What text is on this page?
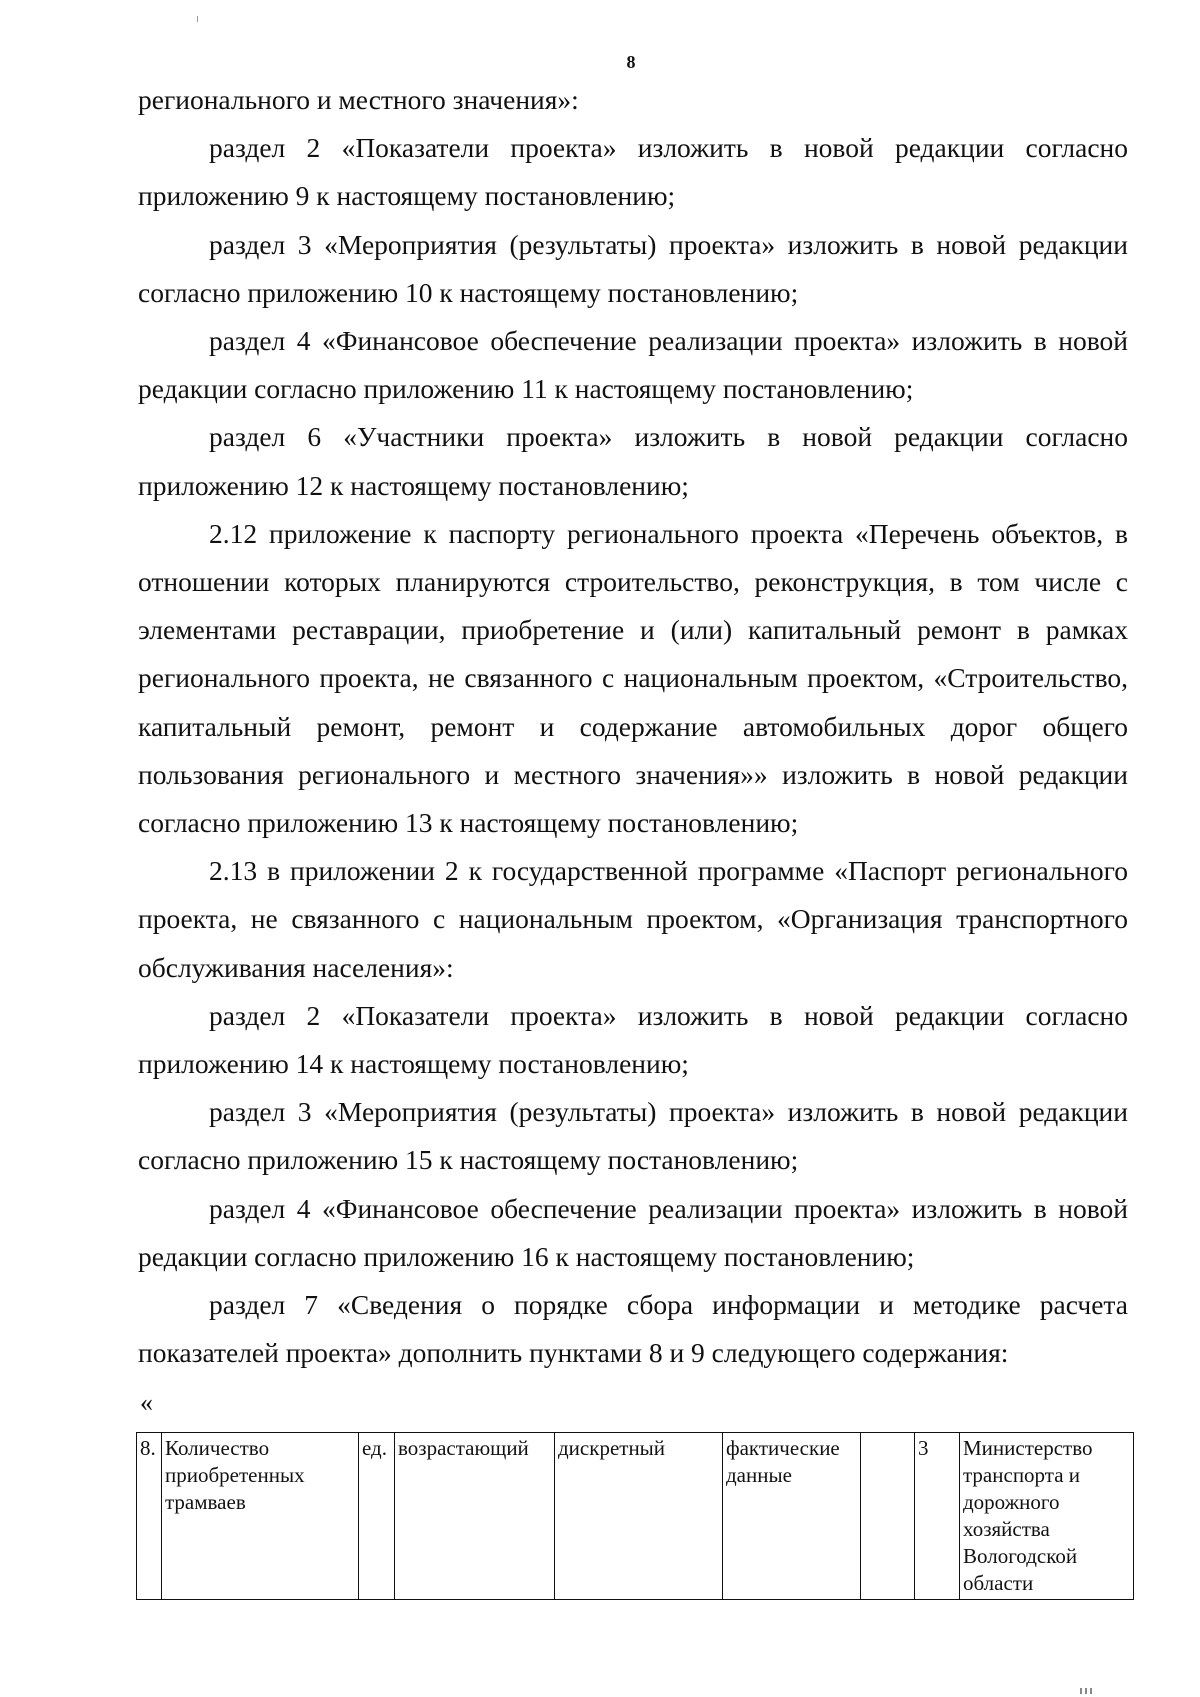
8

регионального и местного значения»:

раздел 2 «Показатели проекта» изложить в новой редакции согласно приложению 9 к настоящему постановлению;

раздел 3 «Мероприятия (результаты) проекта» изложить в новой редакции согласно приложению 10 к настоящему постановлению;

раздел 4 «Финансовое обеспечение реализации проекта» изложить в новой редакции согласно приложению 11 к настоящему постановлению;

раздел 6 «Участники проекта» изложить в новой редакции согласно приложению 12 к настоящему постановлению;

2.12 приложение к паспорту регионального проекта «Перечень объектов, в отношении которых планируются строительство, реконструкция, в том числе с элементами реставрации, приобретение и (или) капитальный ремонт в рамках регионального проекта, не связанного с национальным проектом, «Строительство, капитальный ремонт, ремонт и содержание автомобильных дорог общего пользования регионального и местного значения»» изложить в новой редакции согласно приложению 13 к настоящему постановлению;

2.13 в приложении 2 к государственной программе «Паспорт регионального проекта, не связанного с национальным проектом, «Организация транспортного обслуживания населения»:

раздел 2 «Показатели проекта» изложить в новой редакции согласно приложению 14 к настоящему постановлению;

раздел 3 «Мероприятия (результаты) проекта» изложить в новой редакции согласно приложению 15 к настоящему постановлению;

раздел 4 «Финансовое обеспечение реализации проекта» изложить в новой редакции согласно приложению 16 к настоящему постановлению;

раздел 7 «Сведения о порядке сбора информации и методике расчета показателей проекта» дополнить пунктами 8 и 9 следующего содержания:

«
8.	Количество приобретенных трамваев	ед.	возрастающий	дискретный	фактические данные		3	Министерство транспорта и дорожного хозяйства Вологодской области
